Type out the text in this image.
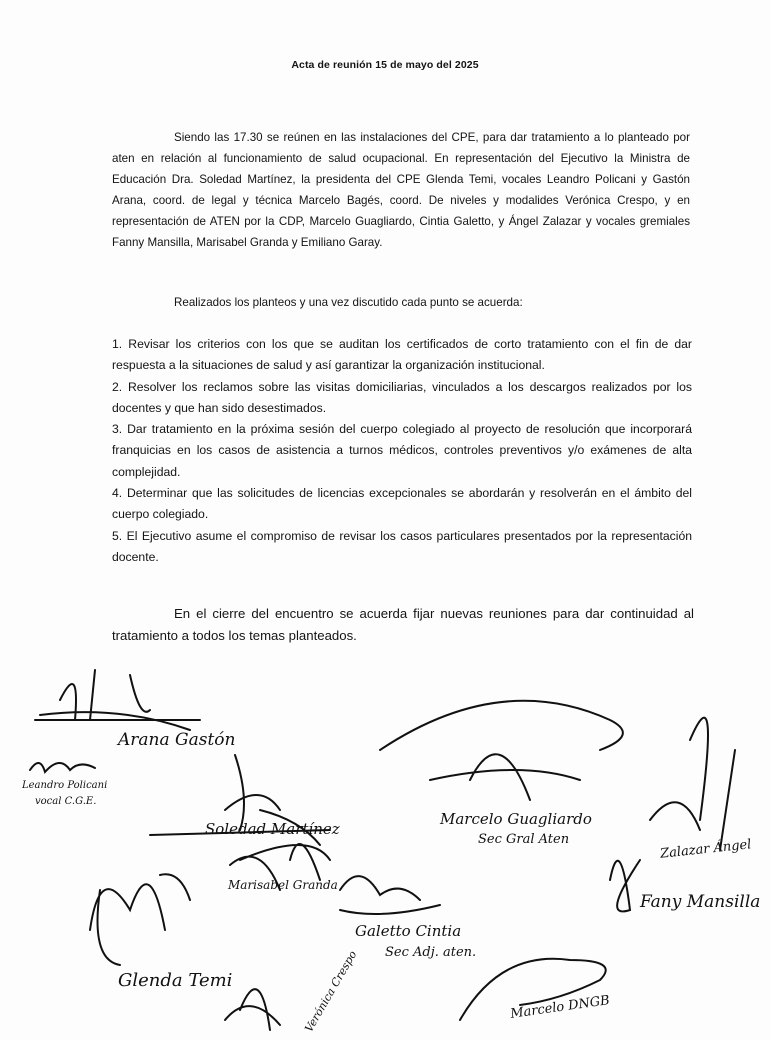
Acta de reunión 15 de mayo del 2025
Siendo las 17.30 se reúnen en las instalaciones del CPE, para dar tratamiento a lo planteado por aten en relación al funcionamiento de salud ocupacional. En representación del Ejecutivo la Ministra de Educación Dra. Soledad Martínez, la presidenta del CPE Glenda Temi, vocales Leandro Policani y Gastón Arana, coord. de legal y técnica Marcelo Bagés, coord. De niveles y modalides Verónica Crespo, y en representación de ATEN por la CDP, Marcelo Guagliardo, Cintia Galetto, y Ángel Zalazar y vocales gremiales Fanny Mansilla, Marisabel Granda y Emiliano Garay.
Realizados los planteos y una vez discutido cada punto se acuerda:
1. Revisar los criterios con los que se auditan los certificados de corto tratamiento con el fin de dar respuesta a la situaciones de salud y así garantizar la organización institucional.
2. Resolver los reclamos sobre las visitas domiciliarias, vinculados a los descargos realizados por los docentes y que han sido desestimados.
3. Dar tratamiento en la próxima sesión del cuerpo colegiado al proyecto de resolución que incorporará franquicias en los casos de asistencia a turnos médicos, controles preventivos y/o exámenes de alta complejidad.
4. Determinar que las solicitudes de licencias excepcionales se abordarán y resolverán en el ámbito del cuerpo colegiado.
5. El Ejecutivo asume el compromiso de revisar los casos particulares presentados por la representación docente.
En el cierre del encuentro se acuerda fijar nuevas reuniones para dar continuidad al tratamiento a todos los temas planteados.
Arana Gastón
Leandro Policani
vocal C.G.E.
Soledad Martínez
Marcelo Guagliardo
Sec Gral Aten	Zalazar Ángel
Marisabel Granda
Galetto Cintia
Sec Adj. aten.
Fany Mansilla
Glenda Temi	Verónica Crespo	Marcelo DNGB
